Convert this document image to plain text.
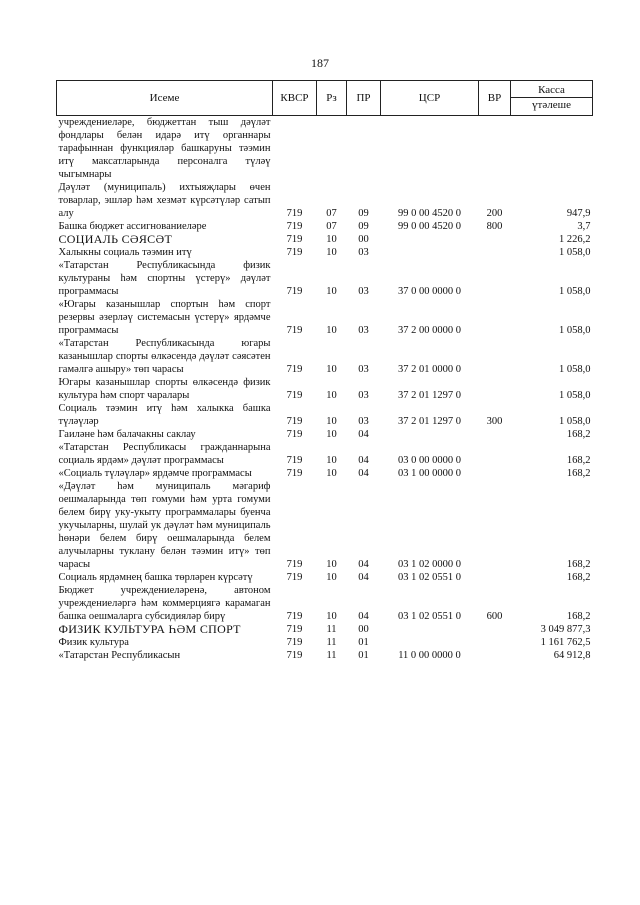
187
Исеме	КВСР	Рз	ПР	ЦСР	ВР	Касса
үтәлеше

учреждениеләре, бюджеттан тыш дәүләт фондлары белән идарә итү органнары тарафыннан функцияләр башкаруны тәэмин итү максатларында персоналга түләү чыгымнары						
Дәүләт (муниципаль) ихтыяҗлары өчен товарлар, эшләр һәм хезмәт күрсәтүләр сатып алу	719	07	09	99 0 00 4520 0	200	947,9
Башка бюджет ассигнованиеләре	719	07	09	99 0 00 4520 0	800	3,7
СОЦИАЛЬ СӘЯСӘТ	719	10	00			1 226,2
Халыкны социаль тәэмин итү	719	10	03			1 058,0
«Татарстан Республикасында физик культураны һәм спортны үстерү» дәүләт программасы	719	10	03	37 0 00 0000 0		1 058,0
«Югары казанышлар спортын һәм спорт резервы әзерләү системасын үстерү» ярдәмче программасы	719	10	03	37 2 00 0000 0		1 058,0
«Татарстан Республикасында югары казанышлар спорты өлкәсендә дәүләт сәясәтен гамәлгә ашыру» төп чарасы	719	10	03	37 2 01 0000 0		1 058,0
Югары казанышлар спорты өлкәсендә физик культура һәм спорт чаралары	719	10	03	37 2 01 1297 0		1 058,0
Социаль тәэмин итү һәм халыкка башка түләүләр	719	10	03	37 2 01 1297 0	300	1 058,0
Гаиләне һәм балачакны саклау	719	10	04			168,2
«Татарстан Республикасы гражданнарына социаль ярдәм» дәүләт программасы	719	10	04	03 0 00 0000 0		168,2
«Социаль түләүләр» ярдәмче программасы	719	10	04	03 1 00 0000 0		168,2
«Дәүләт һәм муниципаль мәгариф оешмаларында төп гомуми һәм урта гомуми белем бирү уку-укыту программалары буенча укучыларны, шулай ук дәүләт һәм муниципаль һөнәри белем бирү оешмаларында белем алучыларны туклану белән тәэмин итү» төп чарасы	719	10	04	03 1 02 0000 0		168,2
Социаль ярдәмнең башка төрләрен күрсәтү	719	10	04	03 1 02 0551 0		168,2
Бюджет учреждениеләренә, автоном учреждениеләргә һәм коммерциягә карамаган башка оешмаларга субсидияләр бирү	719	10	04	03 1 02 0551 0	600	168,2
ФИЗИК КУЛЬТУРА ҺӘМ СПОРТ	719	11	00			3 049 877,3
Физик культура	719	11	01			1 161 762,5
«Татарстан Республикасын	719	11	01	11 0 00 0000 0		64 912,8
